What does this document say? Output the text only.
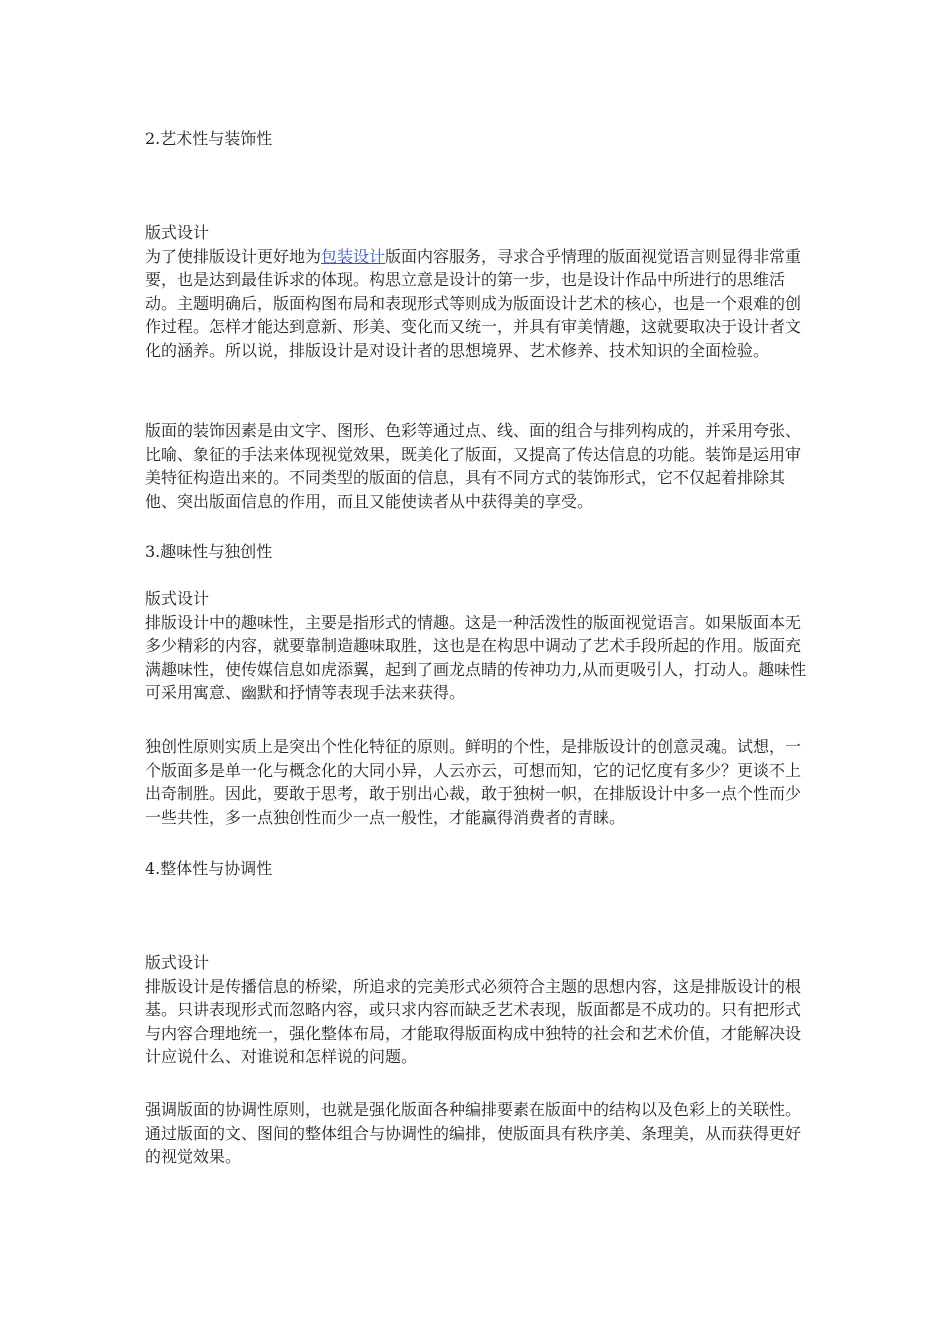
2.艺术性与装饰性

版式设计

为了使排版设计更好地为包装设计版面内容服务，寻求合乎情理的版面视觉语言则显得非常重要，也是达到最佳诉求的体现。构思立意是设计的第一步，也是设计作品中所进行的思维活动。主题明确后，版面构图布局和表现形式等则成为版面设计艺术的核心，也是一个艰难的创作过程。怎样才能达到意新、形美、变化而又统一，并具有审美情趣，这就要取决于设计者文化的涵养。所以说，排版设计是对设计者的思想境界、艺术修养、技术知识的全面检验。

版面的装饰因素是由文字、图形、色彩等通过点、线、面的组合与排列构成的，并采用夸张、比喻、象征的手法来体现视觉效果，既美化了版面，又提高了传达信息的功能。装饰是运用审美特征构造出来的。不同类型的版面的信息，具有不同方式的装饰形式，它不仅起着排除其他、突出版面信息的作用，而且又能使读者从中获得美的享受。

3.趣味性与独创性

版式设计

排版设计中的趣味性，主要是指形式的情趣。这是一种活泼性的版面视觉语言。如果版面本无多少精彩的内容，就要靠制造趣味取胜，这也是在构思中调动了艺术手段所起的作用。版面充满趣味性，使传媒信息如虎添翼，起到了画龙点睛的传神功力,从而更吸引人，打动人。趣味性可采用寓意、幽默和抒情等表现手法来获得。

独创性原则实质上是突出个性化特征的原则。鲜明的个性，是排版设计的创意灵魂。试想，一个版面多是单一化与概念化的大同小异，人云亦云，可想而知，它的记忆度有多少？更谈不上出奇制胜。因此，要敢于思考，敢于别出心裁，敢于独树一帜，在排版设计中多一点个性而少一些共性，多一点独创性而少一点一般性，才能赢得消费者的青睐。

4.整体性与协调性

版式设计

排版设计是传播信息的桥梁，所追求的完美形式必须符合主题的思想内容，这是排版设计的根基。只讲表现形式而忽略内容，或只求内容而缺乏艺术表现，版面都是不成功的。只有把形式与内容合理地统一，强化整体布局，才能取得版面构成中独特的社会和艺术价值，才能解决设计应说什么、对谁说和怎样说的问题。

强调版面的协调性原则，也就是强化版面各种编排要素在版面中的结构以及色彩上的关联性。通过版面的文、图间的整体组合与协调性的编排，使版面具有秩序美、条理美，从而获得更好的视觉效果。
